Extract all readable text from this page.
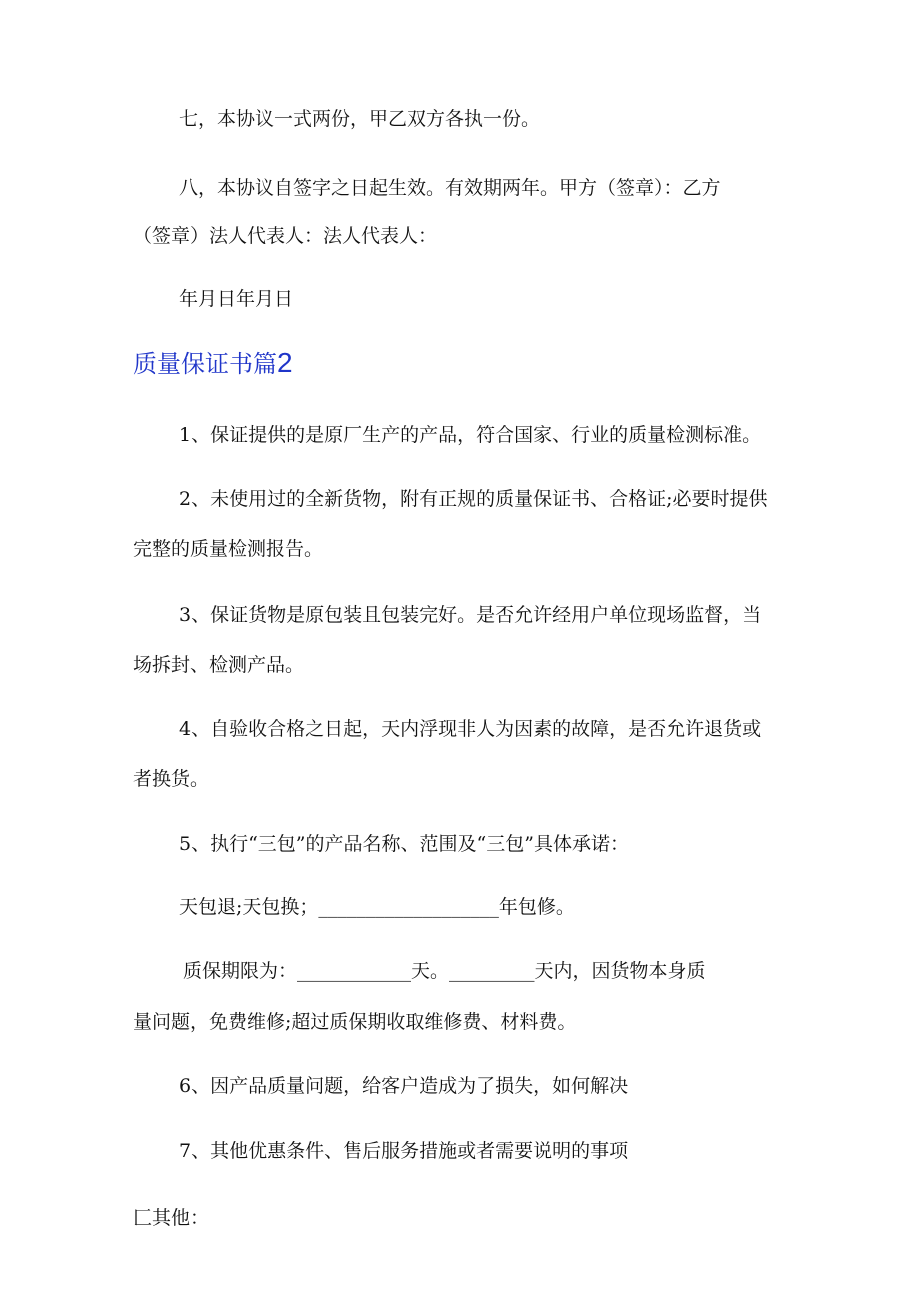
七，本协议一式两份，甲乙双方各执一份。

八，本协议自签字之日起生效。有效期两年。甲方（签章）：乙方

（签章）法人代表人：法人代表人：

年月日年月日

质量保证书篇2

1、保证提供的是原厂生产的产品，符合国家、行业的质量检测标准。

2、未使用过的全新货物，附有正规的质量保证书、合格证;必要时提供

完整的质量检测报告。

3、保证货物是原包装且包装完好。是否允许经用户单位现场监督，当

场拆封、检测产品。

4、自验收合格之日起，天内浮现非人为因素的故障，是否允许退货或

者换货。

5、执行“三包”的产品名称、范围及“三包”具体承诺：

天包退;天包换；___________________年包修。

质保期限为：____________天。_________天内，因货物本身质

量问题，免费维修;超过质保期收取维修费、材料费。

6、因产品质量问题，给客户造成为了损失，如何解决

7、其他优惠条件、售后服务措施或者需要说明的事项

匚其他：
